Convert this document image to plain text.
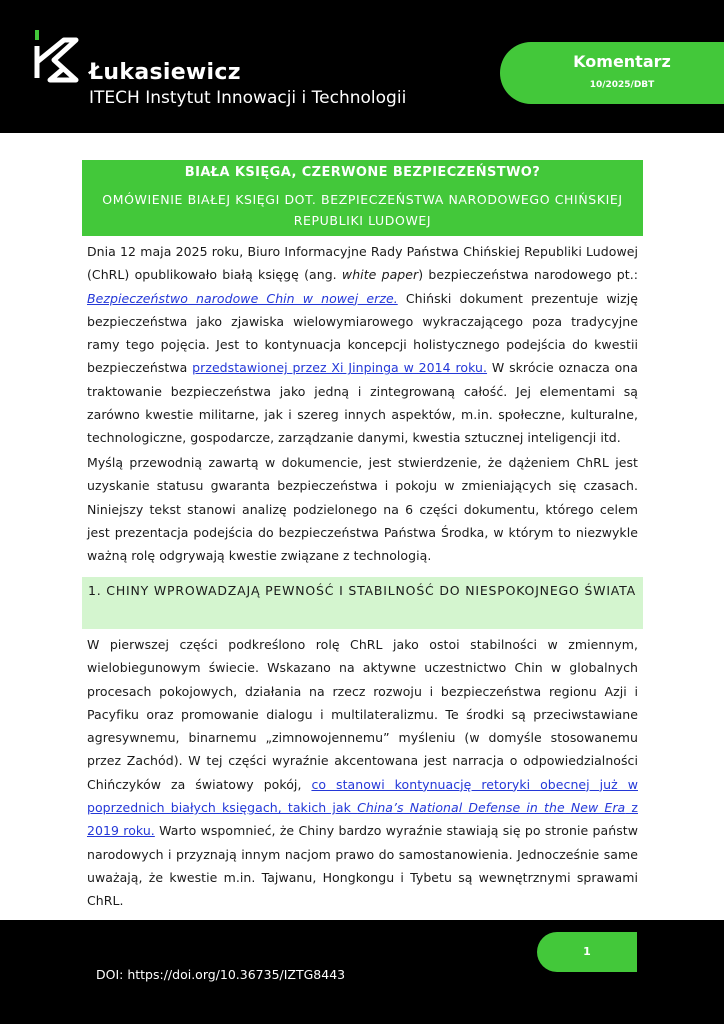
Łukasiewicz
ITECH Instytut Innowacji i Technologii
Komentarz
10/2025/DBT
BIAŁA KSIĘGA, CZERWONE BEZPIECZEŃSTWO?
OMÓWIENIE BIAŁEJ KSIĘGI DOT. BEZPIECZEŃSTWA NARODOWEGO CHIŃSKIEJ
REPUBLIKI LUDOWEJ
Dnia 12 maja 2025 roku, Biuro Informacyjne Rady Państwa Chińskiej Republiki Ludowej (ChRL) opublikowało białą księgę (ang. white paper) bezpieczeństwa narodowego pt.: Bezpieczeństwo narodowe Chin w nowej erze. Chiński dokument prezentuje wizję bezpieczeństwa jako zjawiska wielowymiarowego wykraczającego poza tradycyjne ramy tego pojęcia. Jest to kontynuacja koncepcji holistycznego podejścia do kwestii bezpieczeństwa przedstawionej przez Xi Jinpinga w 2014 roku. W skrócie oznacza ona traktowanie bezpieczeństwa jako jedną i zintegrowaną całość. Jej elementami są zarówno kwestie militarne, jak i szereg innych aspektów, m.in. społeczne, kulturalne, technologiczne, gospodarcze, zarządzanie danymi, kwestia sztucznej inteligencji itd.
Myślą przewodnią zawartą w dokumencie, jest stwierdzenie, że dążeniem ChRL jest uzyskanie statusu gwaranta bezpieczeństwa i pokoju w zmieniających się czasach. Niniejszy tekst stanowi analizę podzielonego na 6 części dokumentu, którego celem jest prezentacja podejścia do bezpieczeństwa Państwa Środka, w którym to niezwykle ważną rolę odgrywają kwestie związane z technologią.
1. CHINY WPROWADZAJĄ PEWNOŚĆ I STABILNOŚĆ DO NIESPOKOJNEGO ŚWIATA
W pierwszej części podkreślono rolę ChRL jako ostoi stabilności w zmiennym, wielobiegunowym świecie. Wskazano na aktywne uczestnictwo Chin w globalnych procesach pokojowych, działania na rzecz rozwoju i bezpieczeństwa regionu Azji i Pacyfiku oraz promowanie dialogu i multilateralizmu. Te środki są przeciwstawiane agresywnemu, binarnemu „zimnowojennemu” myśleniu (w domyśle stosowanemu przez Zachód). W tej części wyraźnie akcentowana jest narracja o odpowiedzialności Chińczyków za światowy pokój, co stanowi kontynuację retoryki obecnej już w poprzednich białych księgach, takich jak China’s National Defense in the New Era z 2019 roku. Warto wspomnieć, że Chiny bardzo wyraźnie stawiają się po stronie państw narodowych i przyznają innym nacjom prawo do samostanowienia. Jednocześnie same uważają, że kwestie m.in. Tajwanu, Hongkongu i Tybetu są wewnętrznymi sprawami ChRL.
1
DOI: https://doi.org/10.36735/IZTG8443
